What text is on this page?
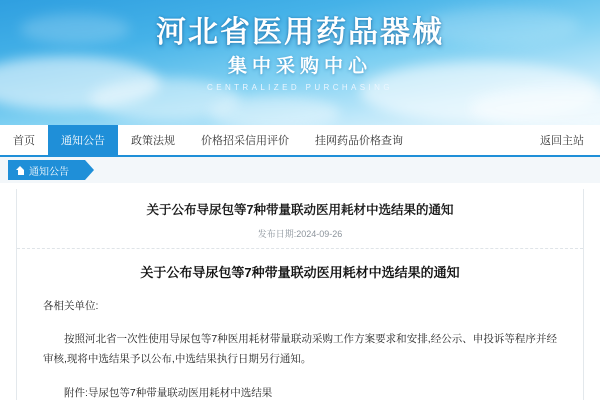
河北省医用药品器械
集中采购中心
CENTRALIZED PURCHASING
首页	通知公告	政策法规	价格招采信用评价	挂网药品价格查询	返回主站
通知公告
关于公布导尿包等7种带量联动医用耗材中选结果的通知
发布日期:2024-09-26
关于公布导尿包等7种带量联动医用耗材中选结果的通知
各相关单位:
按照河北省一次性使用导尿包等7种医用耗材带量联动采购工作方案要求和安排,经公示、申投诉等程序并经审核,现将中选结果予以公布,中选结果执行日期另行通知。
附件:导尿包等7种带量联动医用耗材中选结果
